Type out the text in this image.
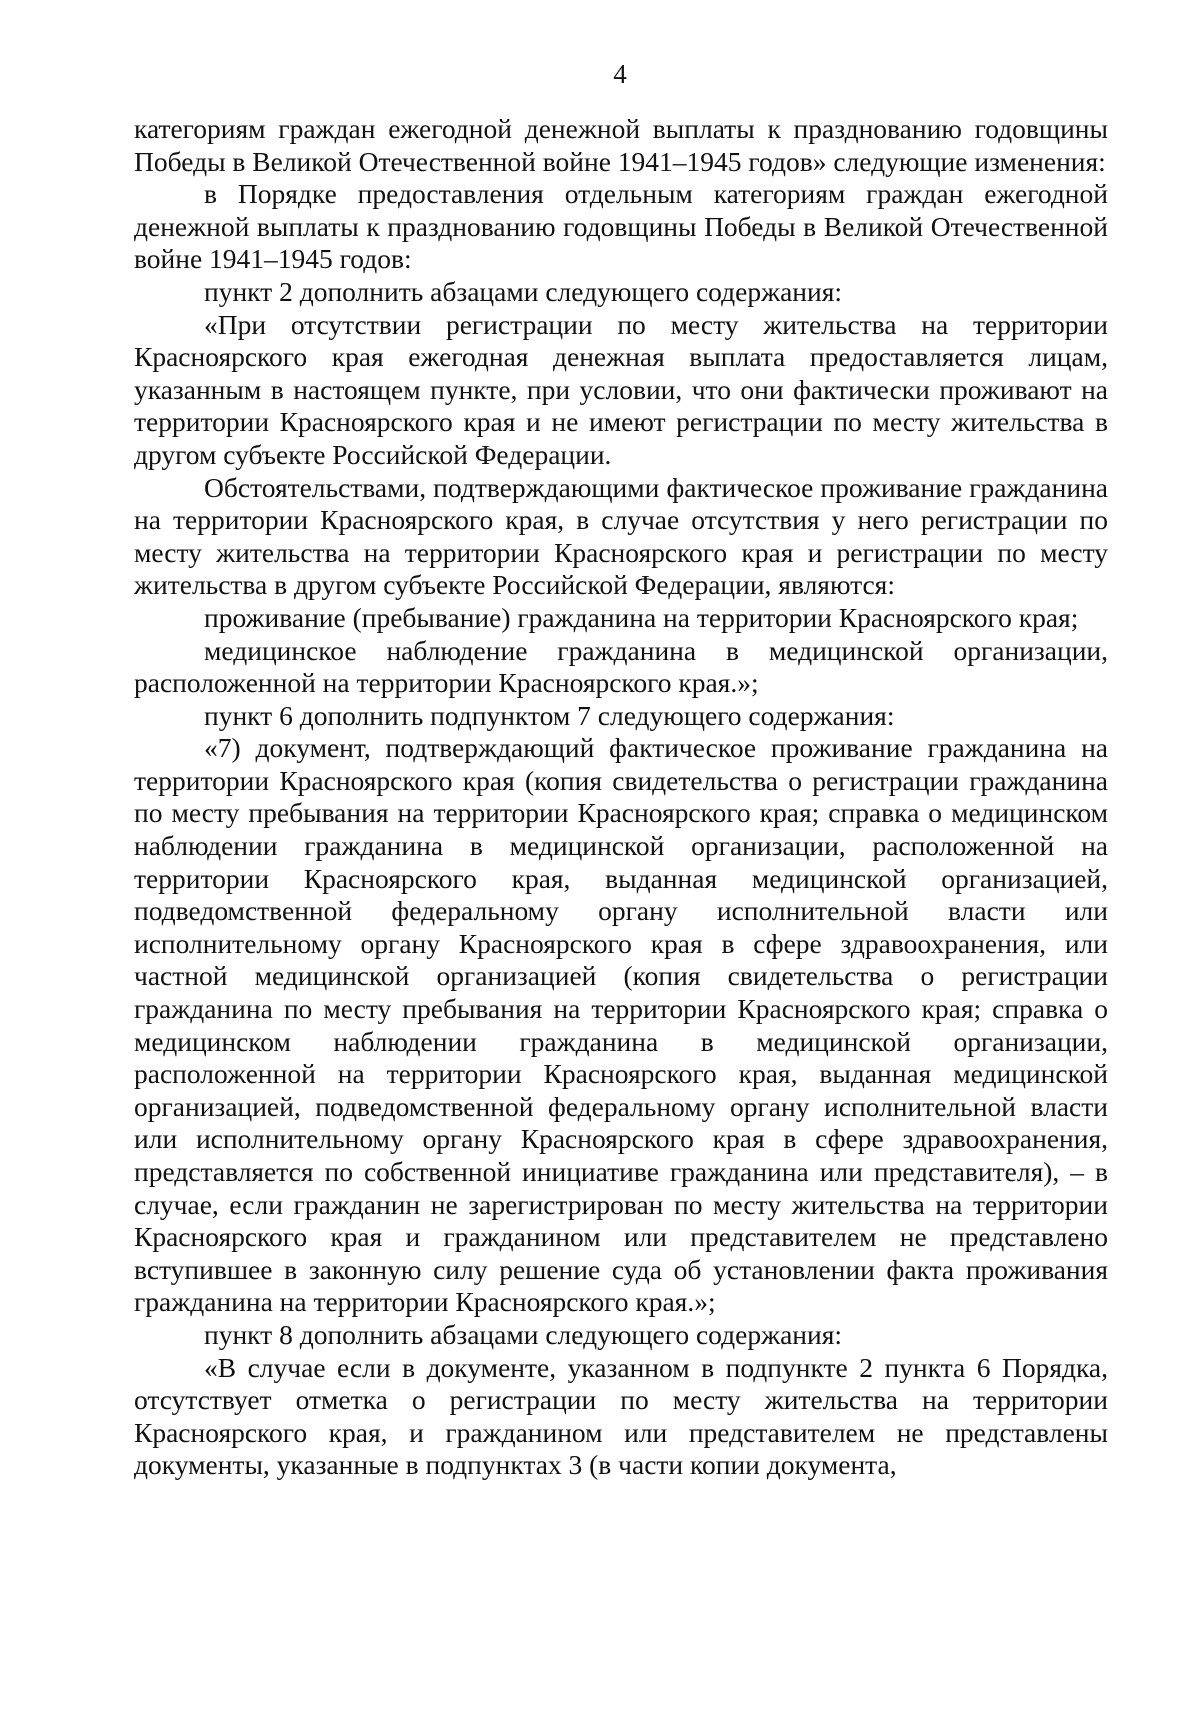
4

категориям граждан ежегодной денежной выплаты к празднованию годовщины Победы в Великой Отечественной войне 1941–1945 годов» следующие изменения:

в Порядке предоставления отдельным категориям граждан ежегодной денежной выплаты к празднованию годовщины Победы в Великой Отечественной войне 1941–1945 годов:

пункт 2 дополнить абзацами следующего содержания:

«При отсутствии регистрации по месту жительства на территории Красноярского края ежегодная денежная выплата предоставляется лицам, указанным в настоящем пункте, при условии, что они фактически проживают на территории Красноярского края и не имеют регистрации по месту жительства в другом субъекте Российской Федерации.

Обстоятельствами, подтверждающими фактическое проживание гражданина на территории Красноярского края, в случае отсутствия у него регистрации по месту жительства на территории Красноярского края и регистрации по месту жительства в другом субъекте Российской Федерации, являются:

проживание (пребывание) гражданина на территории Красноярского края;

медицинское наблюдение гражданина в медицинской организации, расположенной на территории Красноярского края.»;

пункт 6 дополнить подпунктом 7 следующего содержания:

«7) документ, подтверждающий фактическое проживание гражданина на территории Красноярского края (копия свидетельства о регистрации гражданина по месту пребывания на территории Красноярского края; справка о медицинском наблюдении гражданина в медицинской организации, расположенной на территории Красноярского края, выданная медицинской организацией, подведомственной федеральному органу исполнительной власти или исполнительному органу Красноярского края в сфере здравоохранения, или частной медицинской организацией (копия свидетельства о регистрации гражданина по месту пребывания на территории Красноярского края; справка о медицинском наблюдении гражданина в медицинской организации, расположенной на территории Красноярского края, выданная медицинской организацией, подведомственной федеральному органу исполнительной власти или исполнительному органу Красноярского края в сфере здравоохранения, представляется по собственной инициативе гражданина или представителя), – в случае, если гражданин не зарегистрирован по месту жительства на территории Красноярского края и гражданином или представителем не представлено вступившее в законную силу решение суда об установлении факта проживания гражданина на территории Красноярского края.»;

пункт 8 дополнить абзацами следующего содержания:

«В случае если в документе, указанном в подпункте 2 пункта 6 Порядка, отсутствует отметка о регистрации по месту жительства на территории Красноярского края, и гражданином или представителем не представлены документы, указанные в подпунктах 3 (в части копии документа,
